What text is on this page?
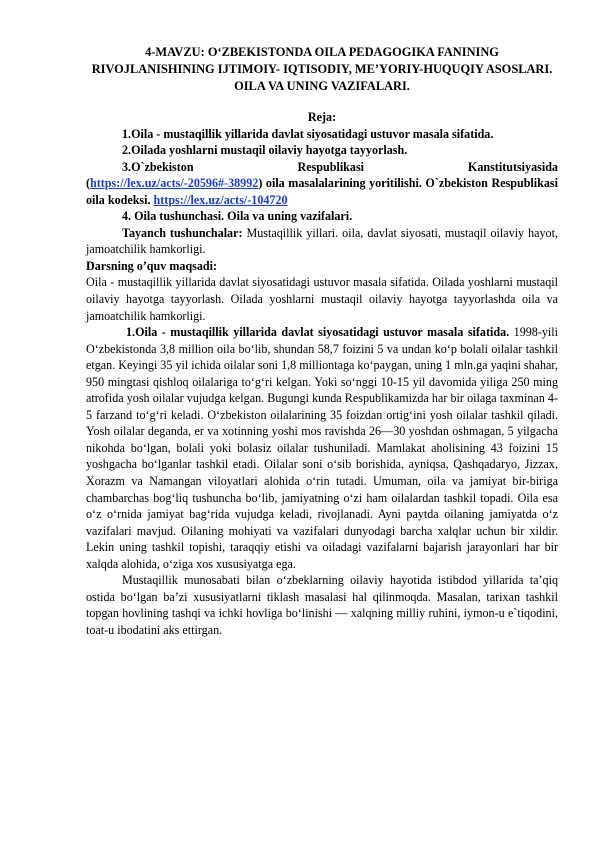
4-MAVZU: O‘ZBEKISTONDA OILA PEDAGOGIKA FANINING RIVOJLANISHINING IJTIMOIY- IQTISODIY, ME’YORIY-HUQUQIY ASOSLARI. OILA VA UNING VAZIFALARI.

Reja:

1.Oila - mustaqillik yillarida davlat siyosatidagi ustuvor masala sifatida.

2.Oilada yoshlarni mustaqil oilaviy hayotga tayyorlash.

3.O`zbekiston	Respublikasi	Kanstitutsiyasida

(https://lex.uz/acts/-20596#-38992) oila masalalarining yoritilishi. O`zbekiston Respublikasi oila kodeksi. https://lex.uz/acts/-104720

4. Oila tushunchasi. Oila va uning vazifalari.

Tayanch tushunchalar: Mustaqillik yillari. oila, davlat siyosati, mustaqil oilaviy hayot, jamoatchilik hamkorligi.

Darsning o’quv maqsadi:

Oila - mustaqillik yillarida davlat siyosatidagi ustuvor masala sifatida. Oilada yoshlarni mustaqil oilaviy hayotga tayyorlash. Oilada yoshlarni mustaqil oilaviy hayotga tayyorlashda oila va jamoatchilik hamkorligi.

1.Oila - mustaqillik yillarida davlat siyosatidagi ustuvor masala sifatida. 1998-yili O‘zbekistonda 3,8 million oila bo‘lib, shundan 58,7 foizini 5 va undan ko‘p bolali oilalar tashkil etgan. Keyingi 35 yil ichida oilalar soni 1,8 milliontaga ko‘paygan, uning 1 mln.ga yaqini shahar, 950 mingtasi qishloq oilalariga to‘g‘ri kelgan. Yoki so‘nggi 10-15 yil davomida yiliga 250 ming atrofida yosh oilalar vujudga kelgan. Bugungi kunda Respublikamizda har bir oilaga taxminan 4-5 farzand to‘g‘ri keladi. O‘zbekiston oilalarining 35 foizdan ortig‘ini yosh oilalar tashkil qiladi. Yosh oilalar deganda, er va xotinning yoshi mos ravishda 26—30 yoshdan oshmagan, 5 yilgacha nikohda bo‘lgan, bolali yoki bolasiz oilalar tushuniladi. Mamlakat aholisining 43 foizini 15 yoshgacha bo‘lganlar tashkil etadi. Oilalar soni o‘sib borishida, ayniqsa, Qashqadaryo, Jizzax, Xorazm va Namangan viloyatlari alohida o‘rin tutadi. Umuman, oila va jamiyat bir-biriga chambarchas bog‘liq tushuncha bo‘lib, jamiyatning o‘zi ham oilalardan tashkil topadi. Oila esa o‘z o‘rnida jamiyat bag‘rida vujudga keladi, rivojlanadi. Ayni paytda oilaning jamiyatda o‘z vazifalari mavjud. Oilaning mohiyati va vazifalari dunyodagi barcha xalqlar uchun bir xildir. Lekin uning tashkil topishi, taraqqiy etishi va oiladagi vazifalarni bajarish jarayonlari har bir xalqda alohida, o‘ziga xos xususiyatga ega.

Mustaqillik munosabati bilan o‘zbeklarning oilaviy hayotida istibdod yillarida ta’qiq ostida bo‘lgan ba’zi xususiyatlarni tiklash masalasi hal qilinmoqda. Masalan, tarixan tashkil topgan hovlining tashqi va ichki hovliga bo‘linishi — xalqning milliy ruhini, iymon-u e`tiqodini, toat-u ibodatini aks ettirgan.
